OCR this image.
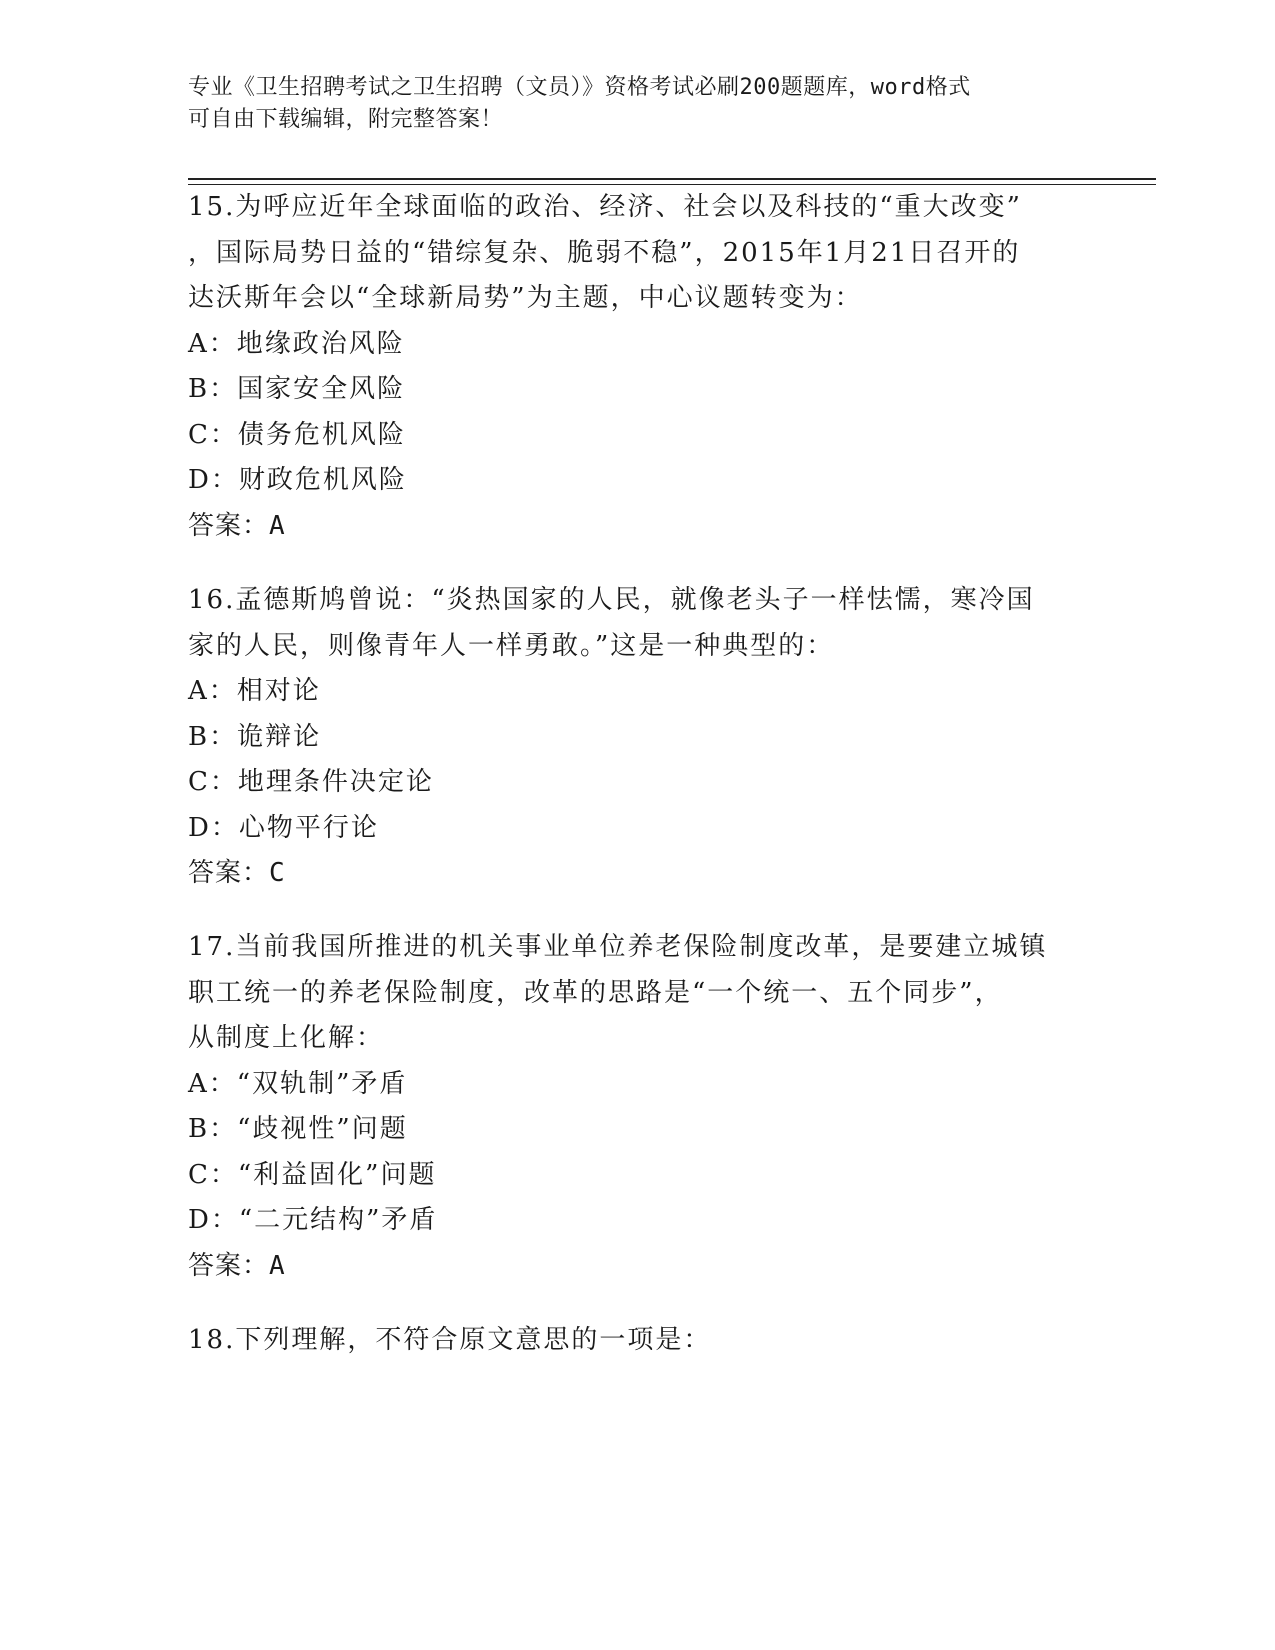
专业《卫生招聘考试之卫生招聘（文员）》资格考试必刷200题题库，word格式
可自由下载编辑，附完整答案！
15.为呼应近年全球面临的政治、经济、社会以及科技的“重大改变”
，国际局势日益的“错综复杂、脆弱不稳”，2015年1月21日召开的
达沃斯年会以“全球新局势”为主题，中心议题转变为：
A：地缘政治风险
B：国家安全风险
C：债务危机风险
D：财政危机风险
答案：A
16.孟德斯鸠曾说：“炎热国家的人民，就像老头子一样怯懦，寒冷国
家的人民，则像青年人一样勇敢。”这是一种典型的：
A：相对论
B：诡辩论
C：地理条件决定论
D：心物平行论
答案：C
17.当前我国所推进的机关事业单位养老保险制度改革，是要建立城镇
职工统一的养老保险制度，改革的思路是“一个统一、五个同步”，
从制度上化解：
A：“双轨制”矛盾
B：“歧视性”问题
C：“利益固化”问题
D：“二元结构”矛盾
答案：A
18.下列理解，不符合原文意思的一项是：
